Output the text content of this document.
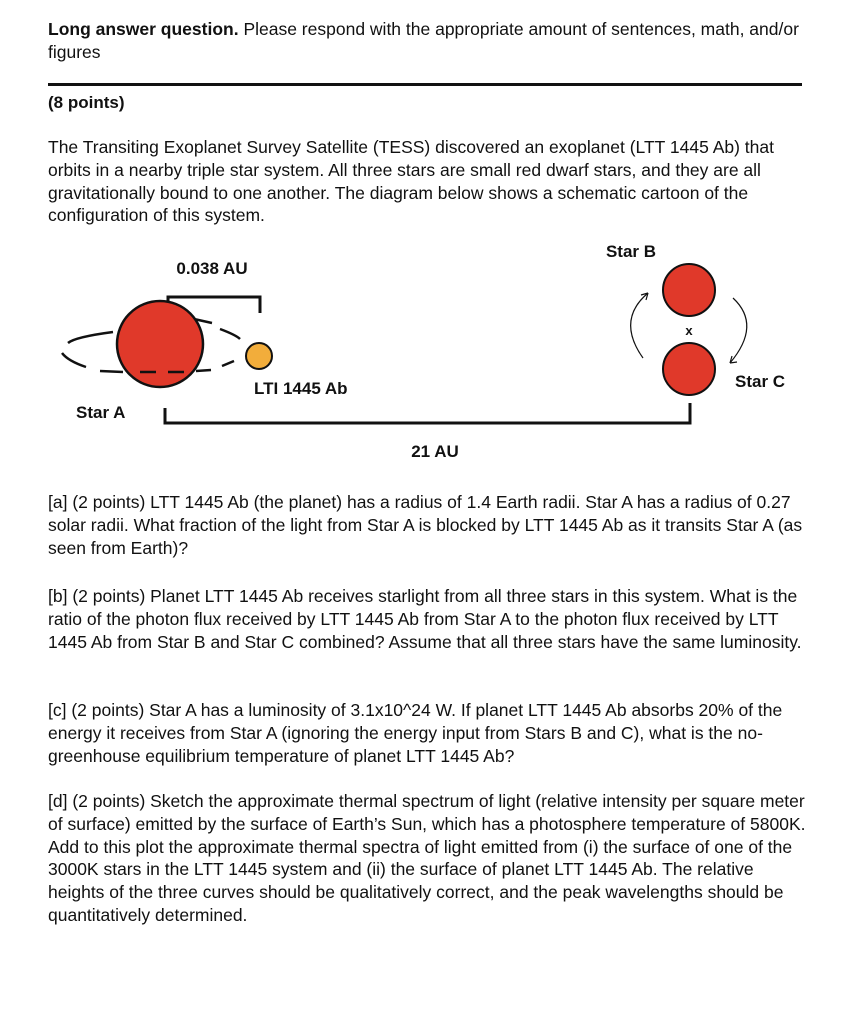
Long answer question. Please respond with the appropriate amount of sentences, math, and/or figures
(8 points)

The Transiting Exoplanet Survey Satellite (TESS) discovered an exoplanet (LTT 1445 Ab) that orbits in a nearby triple star system. All three stars are small red dwarf stars, and they are all gravitationally bound to one another. The diagram below shows a schematic cartoon of the configuration of this system.

0.038 AU
LTI 1445 Ab
Star A
21 AU
Star B
x
Star C

[a] (2 points) LTT 1445 Ab (the planet) has a radius of 1.4 Earth radii. Star A has a radius of 0.27 solar radii. What fraction of the light from Star A is blocked by LTT 1445 Ab as it transits Star A (as seen from Earth)?

[b] (2 points) Planet LTT 1445 Ab receives starlight from all three stars in this system. What is the ratio of the photon flux received by LTT 1445 Ab from Star A to the photon flux received by LTT 1445 Ab from Star B and Star C combined? Assume that all three stars have the same luminosity.

[c] (2 points) Star A has a luminosity of 3.1x10^24 W. If planet LTT 1445 Ab absorbs 20% of the energy it receives from Star A (ignoring the energy input from Stars B and C), what is the no-greenhouse equilibrium temperature of planet LTT 1445 Ab?

[d] (2 points) Sketch the approximate thermal spectrum of light (relative intensity per square meter of surface) emitted by the surface of Earth’s Sun, which has a photosphere temperature of 5800K. Add to this plot the approximate thermal spectra of light emitted from (i) the surface of one of the 3000K stars in the LTT 1445 system and (ii) the surface of planet LTT 1445 Ab. The relative heights of the three curves should be qualitatively correct, and the peak wavelengths should be quantitatively determined.
